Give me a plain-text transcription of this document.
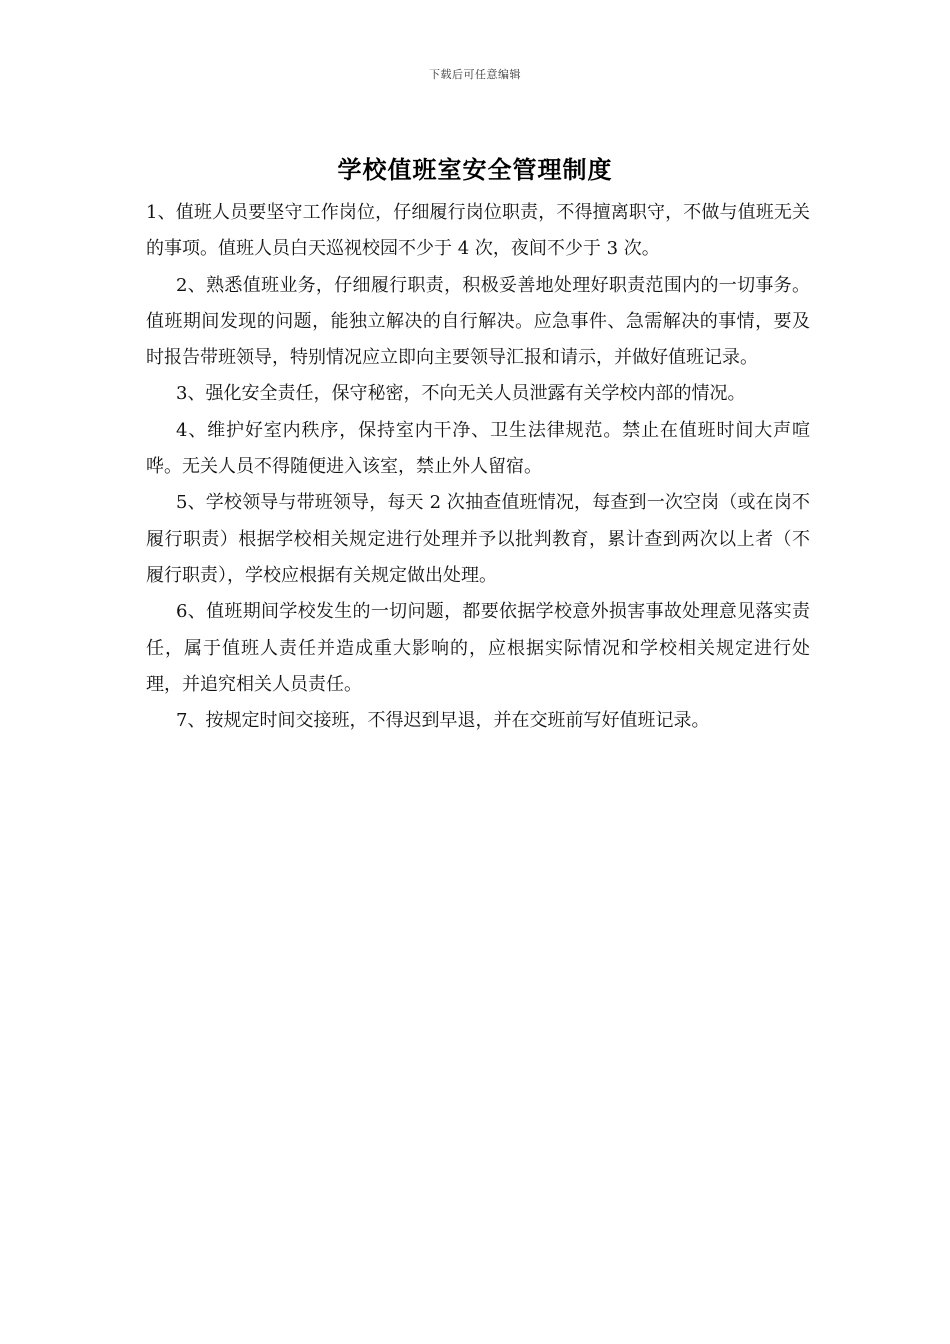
下载后可任意编辑
学校值班室安全管理制度

1、值班人员要坚守工作岗位，仔细履行岗位职责，不得擅离职守，不做与值班无关的事项。值班人员白天巡视校园不少于 4 次，夜间不少于 3 次。

2、熟悉值班业务，仔细履行职责，积极妥善地处理好职责范围内的一切事务。值班期间发现的问题，能独立解决的自行解决。应急事件、急需解决的事情，要及时报告带班领导，特别情况应立即向主要领导汇报和请示，并做好值班记录。

3、强化安全责任，保守秘密，不向无关人员泄露有关学校内部的情况。

4、维护好室内秩序，保持室内干净、卫生法律规范。禁止在值班时间大声喧哗。无关人员不得随便进入该室，禁止外人留宿。

5、学校领导与带班领导，每天 2 次抽查值班情况，每查到一次空岗（或在岗不履行职责）根据学校相关规定进行处理并予以批判教育，累计查到两次以上者（不履行职责），学校应根据有关规定做出处理。

6、值班期间学校发生的一切问题，都要依据学校意外损害事故处理意见落实责任，属于值班人责任并造成重大影响的，应根据实际情况和学校相关规定进行处理，并追究相关人员责任。

7、按规定时间交接班，不得迟到早退，并在交班前写好值班记录。
